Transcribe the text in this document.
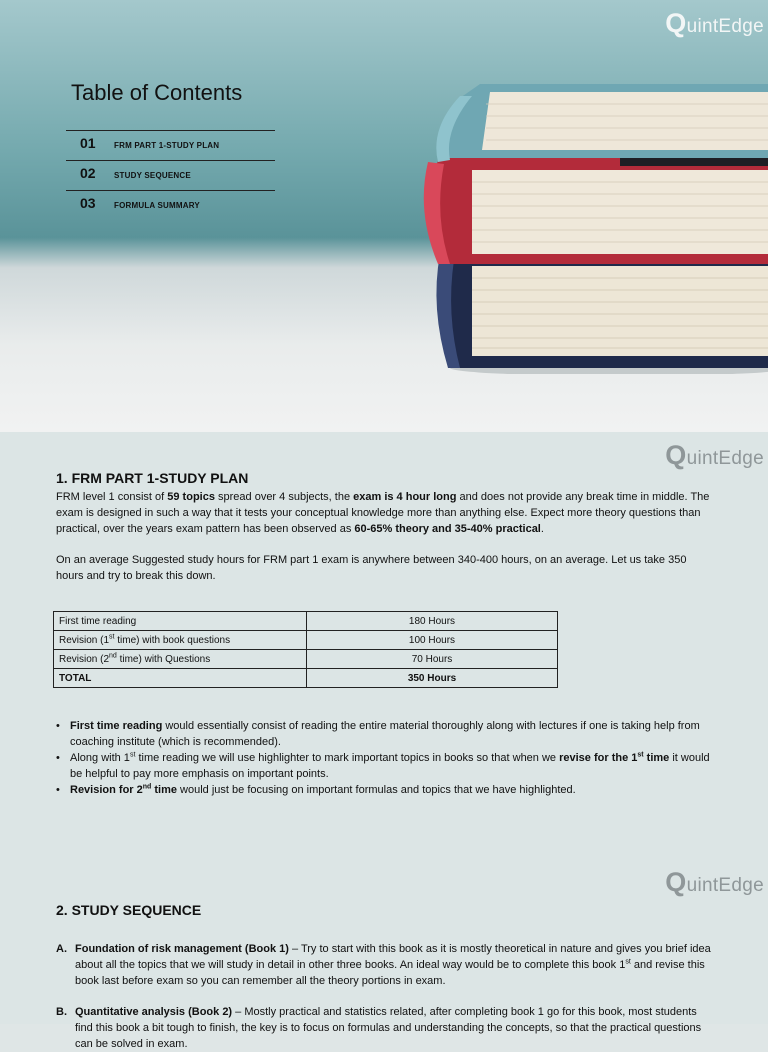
QuintEdge
Table of Contents
01 FRM PART 1-STUDY PLAN
02 STUDY SEQUENCE
03 FORMULA SUMMARY
QuintEdge
1. FRM PART 1-STUDY PLAN
FRM level 1 consist of 59 topics spread over 4 subjects, the exam is 4 hour long and does not provide any break time in middle. The exam is designed in such a way that it tests your conceptual knowledge more than anything else. Expect more theory questions than practical, over the years exam pattern has been observed as 60-65% theory and 35-40% practical.
On an average Suggested study hours for FRM part 1 exam is anywhere between 340-400 hours, on an average. Let us take 350 hours and try to break this down.
First time reading	180 Hours
Revision (1st time) with book questions	100 Hours
Revision (2nd time) with Questions	70 Hours
TOTAL	350 Hours
• First time reading would essentially consist of reading the entire material thoroughly along with lectures if one is taking help from coaching institute (which is recommended).
• Along with 1st time reading we will use highlighter to mark important topics in books so that when we revise for the 1st time it would be helpful to pay more emphasis on important points.
• Revision for 2nd time would just be focusing on important formulas and topics that we have highlighted.
QuintEdge
2. STUDY SEQUENCE
A. Foundation of risk management (Book 1) – Try to start with this book as it is mostly theoretical in nature and gives you brief idea about all the topics that we will study in detail in other three books. An ideal way would be to complete this book 1st and revise this book last before exam so you can remember all the theory portions in exam.
B. Quantitative analysis (Book 2) – Mostly practical and statistics related, after completing book 1 go for this book, most students find this book a bit tough to finish, the key is to focus on formulas and understanding the concepts, so that the practical questions can be solved in exam.
